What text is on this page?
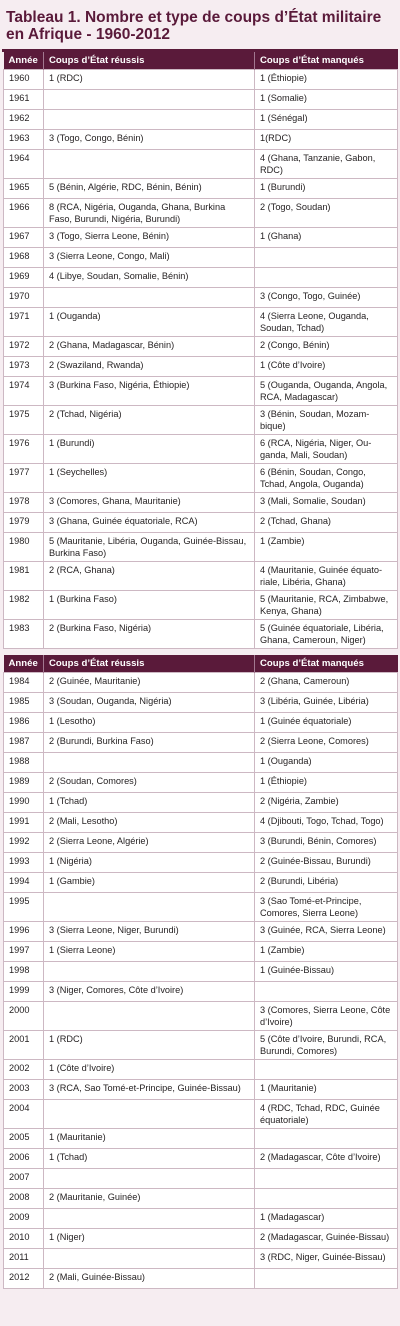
Tableau 1. Nombre et type de coups d’État militaire en Afrique - 1960-2012
Année	Coups d’État réussis	Coups d’État manqués
1960	1 (RDC)	1 (Éthiopie)
1961		1 (Somalie)
1962		1 (Sénégal)
1963	3 (Togo, Congo, Bénin)	1(RDC)
1964		4 (Ghana, Tanzanie, Gabon, RDC)
1965	5 (Bénin, Algérie, RDC, Bénin, Bénin)	1 (Burundi)
1966	8 (RCA, Nigéria, Ouganda, Ghana, Burkina Faso, Burundi, Nigéria, Burundi)	2 (Togo, Soudan)
1967	3 (Togo, Sierra Leone, Bénin)	1 (Ghana)
1968	3 (Sierra Leone, Congo, Mali)	
1969	4 (Libye, Soudan, Somalie, Bénin)	
1970		3 (Congo, Togo, Guinée)
1971	1 (Ouganda)	4 (Sierra Leone, Ouganda, Soudan, Tchad)
1972	2 (Ghana, Madagascar, Bénin)	2 (Congo, Bénin)
1973	2 (Swaziland, Rwanda)	1 (Côte d’Ivoire)
1974	3 (Burkina Faso, Nigéria, Éthiopie)	5 (Ouganda, Ouganda, Angola, RCA, Madagascar)
1975	2 (Tchad, Nigéria)	3 (Bénin, Soudan, Mozam-bique)
1976	1 (Burundi)	6 (RCA, Nigéria, Niger, Ou-ganda, Mali, Soudan)
1977	1 (Seychelles)	6 (Bénin, Soudan, Congo, Tchad, Angola, Ouganda)
1978	3 (Comores, Ghana, Mauritanie)	3 (Mali, Somalie, Soudan)
1979	3 (Ghana, Guinée équatoriale, RCA)	2 (Tchad, Ghana)
1980	5 (Mauritanie, Libéria, Ouganda, Guinée-Bissau, Burkina Faso)	1 (Zambie)
1981	2 (RCA, Ghana)	4 (Mauritanie, Guinée équato-riale, Libéria, Ghana)
1982	1 (Burkina Faso)	5 (Mauritanie, RCA, Zimbabwe, Kenya, Ghana)
1983	2 (Burkina Faso, Nigéria)	5 (Guinée équatoriale, Libéria, Ghana, Cameroun, Niger)
Année	Coups d’État réussis	Coups d’État manqués
1984	2 (Guinée, Mauritanie)	2 (Ghana, Cameroun)
1985	3 (Soudan, Ouganda, Nigéria)	3 (Libéria, Guinée, Libéria)
1986	1 (Lesotho)	1 (Guinée équatoriale)
1987	2 (Burundi, Burkina Faso)	2 (Sierra Leone, Comores)
1988		1 (Ouganda)
1989	2 (Soudan, Comores)	1 (Éthiopie)
1990	1 (Tchad)	2 (Nigéria, Zambie)
1991	2 (Mali, Lesotho)	4 (Djibouti, Togo, Tchad, Togo)
1992	2 (Sierra Leone, Algérie)	3 (Burundi, Bénin, Comores)
1993	1 (Nigéria)	2 (Guinée-Bissau, Burundi)
1994	1 (Gambie)	2 (Burundi, Libéria)
1995		3 (Sao Tomé-et-Principe, Comores, Sierra Leone)
1996	3 (Sierra Leone, Niger, Burundi)	3 (Guinée, RCA, Sierra Leone)
1997	1 (Sierra Leone)	1 (Zambie)
1998		1 (Guinée-Bissau)
1999	3 (Niger, Comores, Côte d’Ivoire)	
2000		3 (Comores, Sierra Leone, Côte d’Ivoire)
2001	1 (RDC)	5 (Côte d’Ivoire, Burundi, RCA, Burundi, Comores)
2002	1 (Côte d’Ivoire)	
2003	3 (RCA, Sao Tomé-et-Principe, Guinée-Bissau)	1 (Mauritanie)
2004		4 (RDC, Tchad, RDC, Guinée équatoriale)
2005	1 (Mauritanie)	
2006	1 (Tchad)	2 (Madagascar, Côte d’Ivoire)
2007		
2008	2 (Mauritanie, Guinée)	
2009		1 (Madagascar)
2010	1 (Niger)	2 (Madagascar, Guinée-Bissau)
2011		3 (RDC, Niger, Guinée-Bissau)
2012	2 (Mali, Guinée-Bissau)	
